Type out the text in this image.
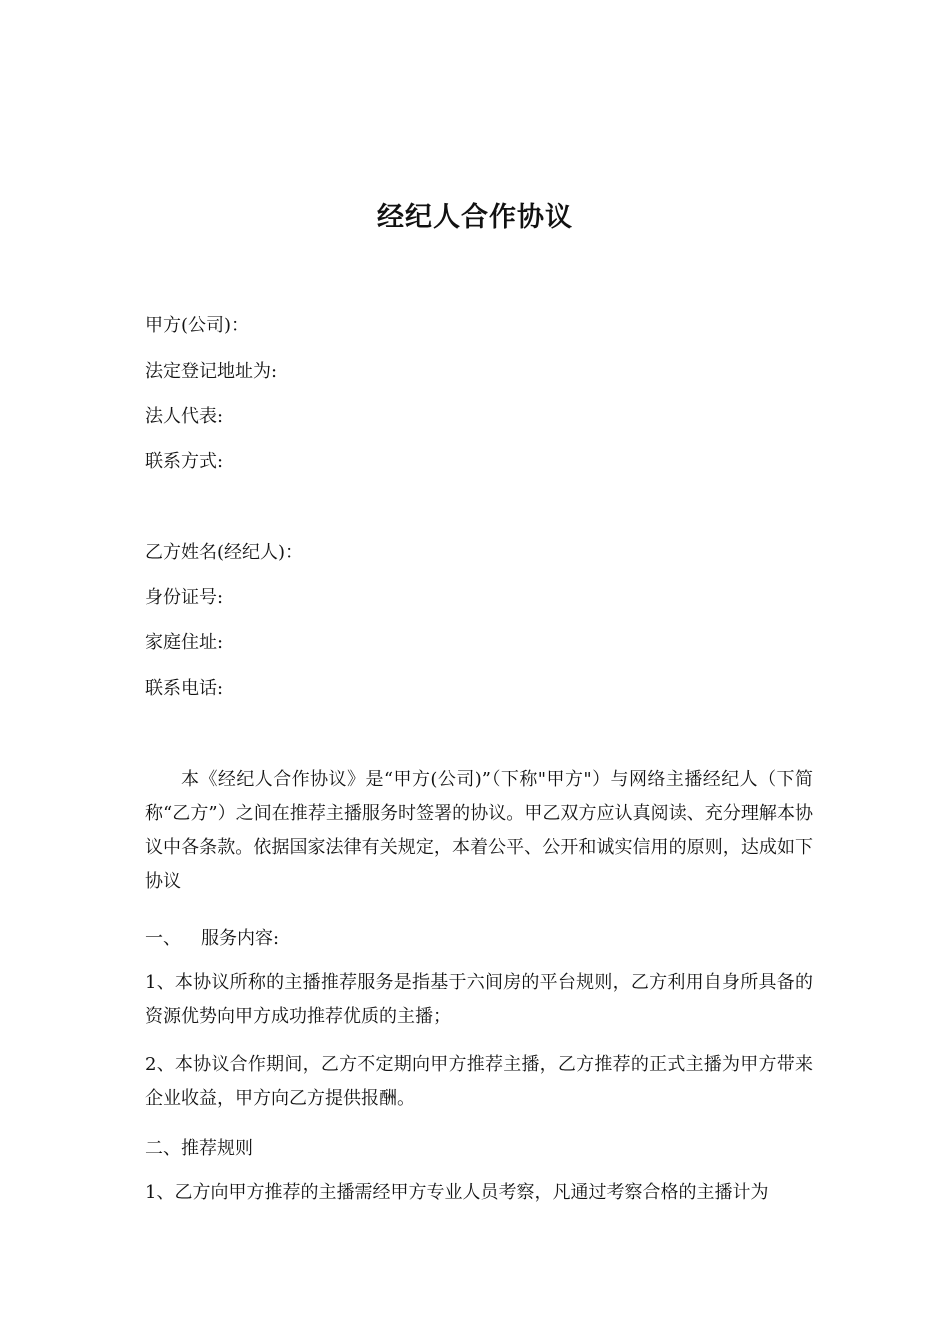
经纪人合作协议

甲方(公司)：

法定登记地址为:

法人代表:

联系方式:

乙方姓名(经纪人)：

身份证号:

家庭住址:

联系电话:

本《经纪人合作协议》是“甲方(公司)”（下称"甲方"）与网络主播经纪人（下简称“乙方”）之间在推荐主播服务时签署的协议。甲乙双方应认真阅读、充分理解本协议中各条款。依据国家法律有关规定，本着公平、公开和诚实信用的原则，达成如下协议

一、 服务内容:

1、本协议所称的主播推荐服务是指基于六间房的平台规则，乙方利用自身所具备的资源优势向甲方成功推荐优质的主播；

2、本协议合作期间，乙方不定期向甲方推荐主播，乙方推荐的正式主播为甲方带来企业收益，甲方向乙方提供报酬。

二、推荐规则

1、乙方向甲方推荐的主播需经甲方专业人员考察，凡通过考察合格的主播计为
